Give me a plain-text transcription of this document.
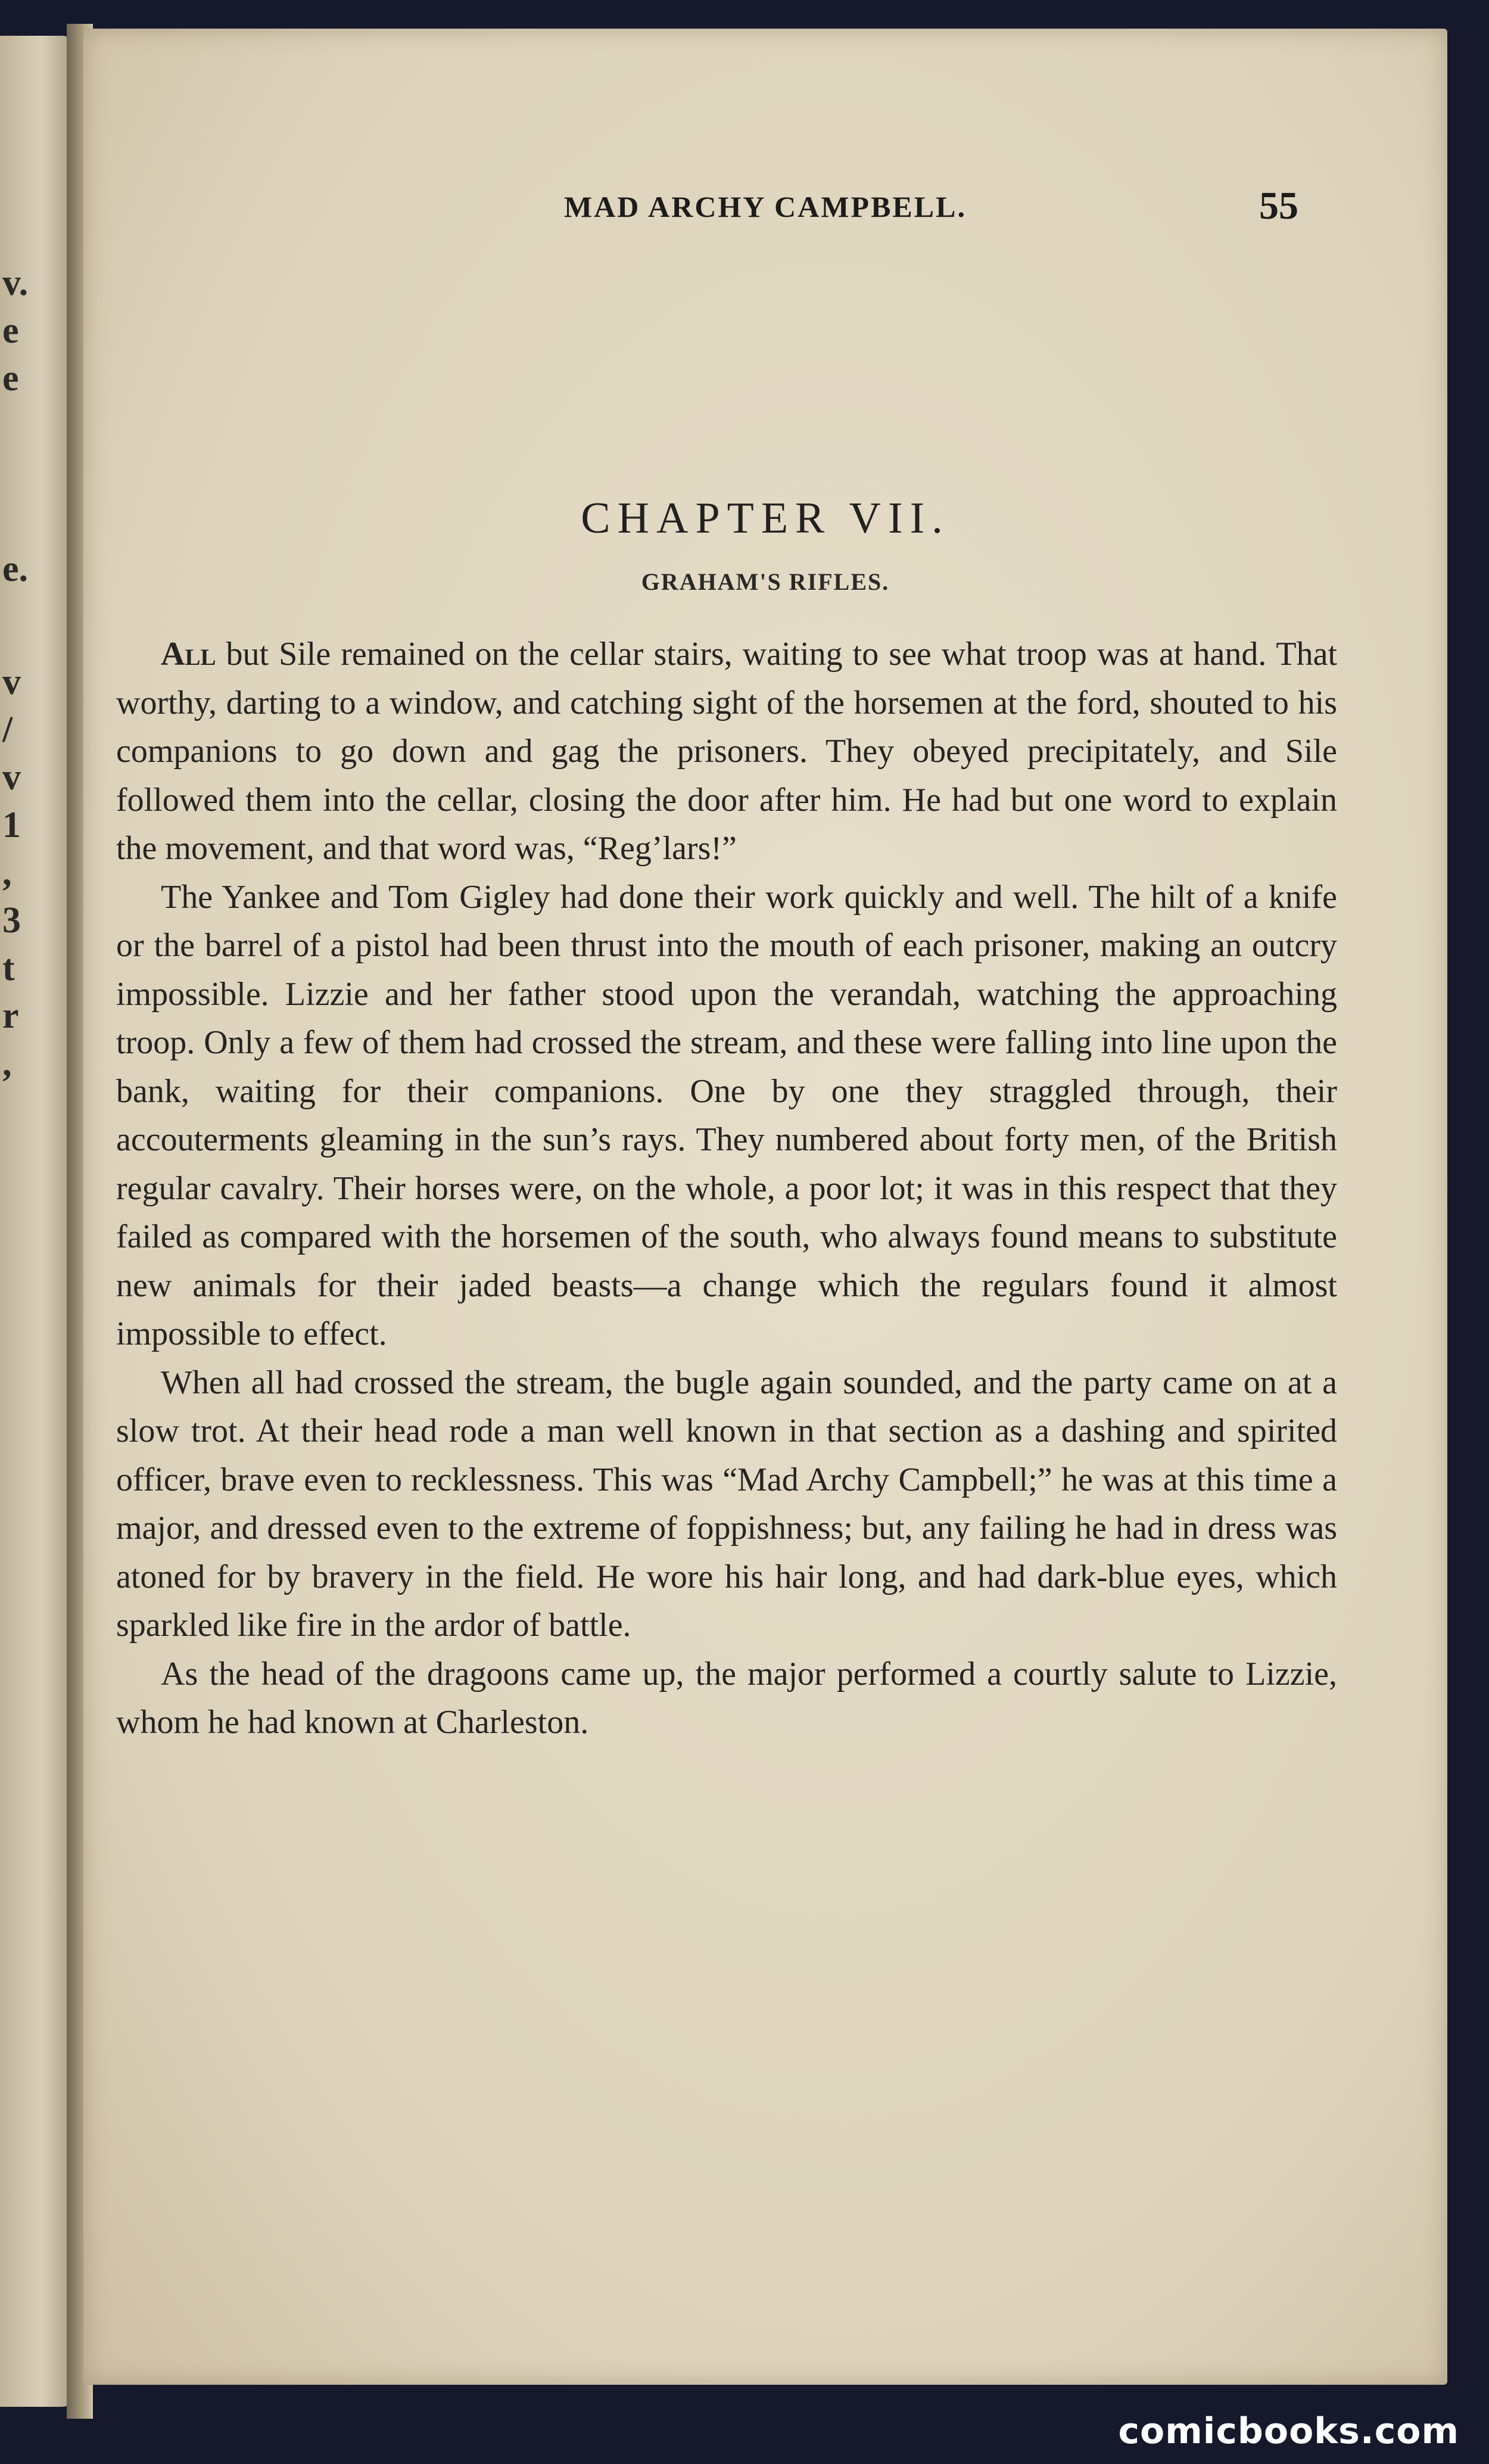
v.
e
e
e.
v
/
v
1
,
3
t
r
,
MAD ARCHY CAMPBELL.	55
CHAPTER VII.
GRAHAM'S RIFLES.

All but Sile remained on the cellar stairs, waiting to see what troop was at hand. That worthy, darting to a window, and catching sight of the horsemen at the ford, shouted to his companions to go down and gag the prisoners. They obeyed precipitately, and Sile followed them into the cellar, closing the door after him. He had but one word to explain the movement, and that word was, “Reg’lars!”

The Yankee and Tom Gigley had done their work quickly and well. The hilt of a knife or the barrel of a pistol had been thrust into the mouth of each prisoner, making an outcry impossible. Lizzie and her father stood upon the verandah, watching the approaching troop. Only a few of them had crossed the stream, and these were falling into line upon the bank, waiting for their companions. One by one they straggled through, their accouterments gleaming in the sun’s rays. They numbered about forty men, of the British regular cavalry. Their horses were, on the whole, a poor lot; it was in this respect that they failed as compared with the horsemen of the south, who always found means to substitute new animals for their jaded beasts—a change which the regulars found it almost impossible to effect.

When all had crossed the stream, the bugle again sounded, and the party came on at a slow trot. At their head rode a man well known in that section as a dashing and spirited officer, brave even to recklessness. This was “Mad Archy Campbell;” he was at this time a major, and dressed even to the extreme of foppishness; but, any failing he had in dress was atoned for by bravery in the field. He wore his hair long, and had dark-blue eyes, which sparkled like fire in the ardor of battle.

As the head of the dragoons came up, the major performed a courtly salute to Lizzie, whom he had known at Charleston.

comicbooks.com
